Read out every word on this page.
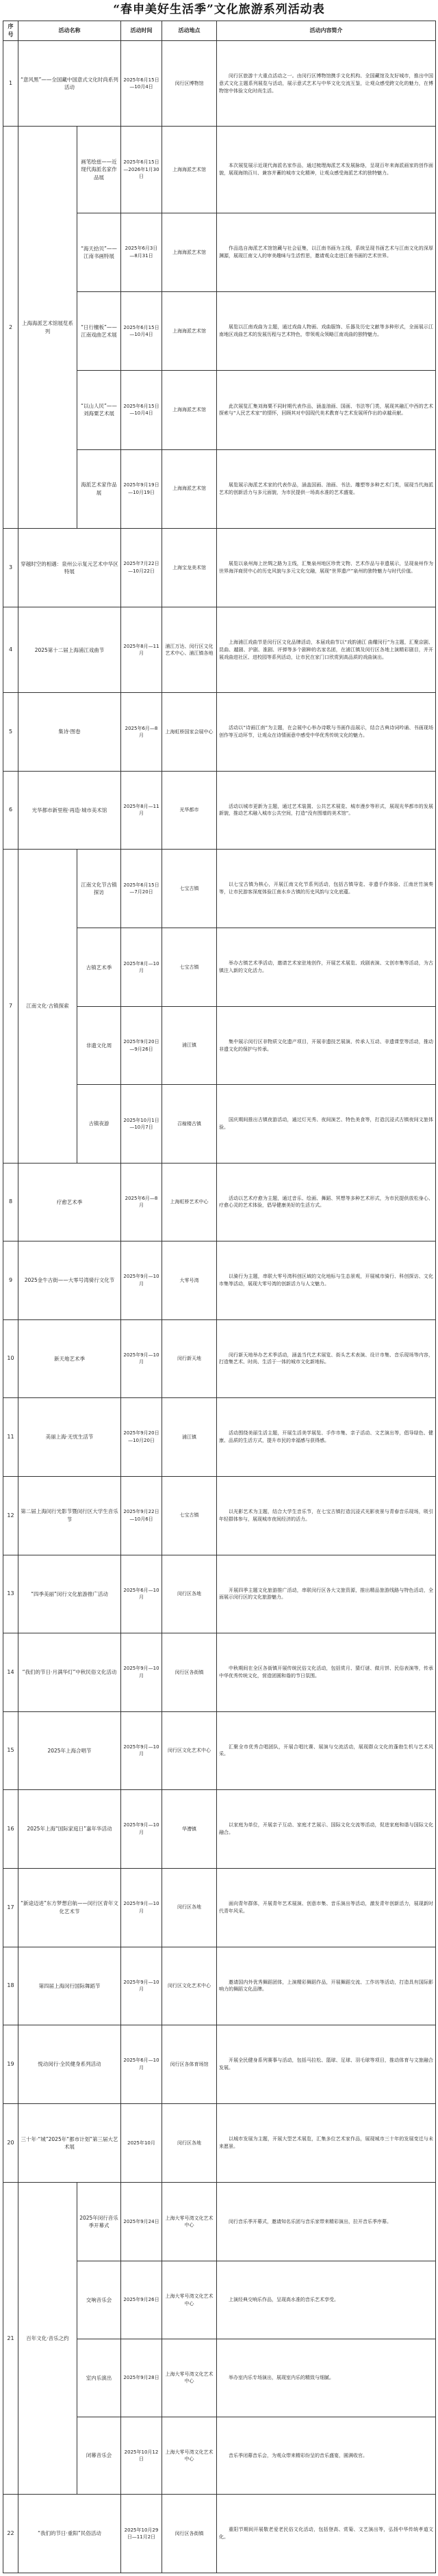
“春申美好生活季”文化旅游系列活动表
序号	活动名称		活动时间	活动地点	活动内容简介
1	“意风黑”——全国藏中国意式文化时尚系列活动		2025年6月15日—10月4日	闵行区博物馆	闵行区旅游十大重点活动之一。由闵行区博物馆携手文化机构、全国藏馆及友好城市，推出中国意式文化主题系列展览与活动，展示意式艺术与中华文化交流互鉴，让观众感受跨文化的魅力，在博物馆中体验文化时尚生活。
2	上海海派艺术馆展览系列	画笔绘兹——近现代海派名家作品展	2025年6月15日—2026年1月30日	上海海派艺术馆	本次展览展示近现代海派名家作品，通过梳理海派艺术发展脉络，呈现百年来海派画家的创作面貌，展现海纳百川、兼容并蓄的城市文化精神，让观众感受海派艺术的独特魅力。
		“海天拾贝”——江南书画特展	2025年6月3日—8月31日	上海海派艺术馆	作品选自海派艺术馆馆藏与社会征集，以江南书画为主线，系统呈现书画艺术与江南文化的深厚渊源，展现江南文人的审美趣味与生活哲思，邀请观众走进江南书画的艺术世界。
		“日行檀板”——江南戏曲艺术展	2025年6月15日—10月4日	上海海派艺术馆	展览以江南戏曲为主题，通过戏曲人物画、戏曲服饰、乐器及历史文献等多种形式，全面展示江南地区戏曲艺术的发展历程与艺术特色，带领观众领略江南戏曲的独特魅力。
		“以山人民”——刘海粟艺术展	2025年6月15日—10月4日	上海海派艺术馆	此次展览汇集刘海粟不同时期代表作品，涵盖油画、国画、书法等门类，展现其融汇中西的艺术探索与“人民艺术家”的情怀，回顾其对中国现代美术教育与艺术发展所作出的卓越贡献。
		海派艺术家作品展	2025年9月19日—10月19日	上海海派艺术馆	展览展示海派艺术家的代表作品，涵盖国画、油画、书法、雕塑等多种艺术门类，展现当代海派艺术的创新活力与多元面貌，为市民提供一场高水准的艺术盛宴。
3	穿越时空的相遇：泉州公示复元艺术中华区特展		2025年7月22日—10月22日	上海宝龙美术馆	展览以泉州海上丝绸之路为主线，汇集泉州地区珍贵文物、艺术作品与非遗展示，呈现泉州作为世界海洋商贸中心的历史风貌与多元文化交融，展现“世界遗产”泉州的独特魅力与时代价值。
4	2025第十二届上海浦江戏曲节		2025年8月—11月	浦江万达、闵行区文化艺术中心、浦江镇各地	上海浦江戏曲节是闵行区文化品牌活动，本届戏曲节以“戏韵浦江 曲耀闵行”为主题，汇聚京剧、昆曲、越剧、沪剧、淮剧、评弹等多个剧种的名家名团，在浦江镇及闵行区各地上演精彩剧目，并开展戏曲进社区、进校园等系列活动，让市民在家门口欣赏到高品质的戏曲演出。
5	集诗·图卷		2025年6月—8月	上海虹桥国家会展中心	活动以“诗画江南”为主题，在会展中心举办诗歌与书画作品展示，结合古典诗词吟诵、书画现场创作等互动环节，让观众在诗情画意中感受中华优秀传统文化的魅力。
6	光华都市新里程·再造·城市美术馆		2025年8月—11月	光华都市	活动以城市更新为主题，通过艺术装置、公共艺术展览、城市漫步等形式，展现光华都市的发展新貌，推动艺术融入城市公共空间，打造“没有围墙的美术馆”。
7	江南文化·古镇探索	江南文化节古镇探访	2025年6月15日—7月20日	七宝古镇	以七宝古镇为核心，开展江南文化节系列活动，包括古镇导览、非遗手作体验、江南丝竹演奏等，让市民游客深度体验江南水乡古镇的历史风韵与文化底蕴。
		古镇艺术季	2025年8月—10月	七宝古镇	举办古镇艺术季活动，邀请艺术家驻地创作，开展艺术展览、戏剧表演、文创市集等活动，为古镇注入新的文化活力。
		非遗文化周	2025年9月20日—9月26日	浦江镇	集中展示闵行区非物质文化遗产项目，开展非遗技艺展演、传承人互动、非遗课堂等活动，推动非遗文化的保护与传承。
		古镇夜游	2025年10月1日—10月7日	召稼楼古镇	国庆期间推出古镇夜游活动，通过灯光秀、夜间演艺、特色美食等，打造沉浸式古镇夜间文旅体验。
8	疗愈艺术季		2025年6月—8月	上海虹桥艺术中心	活动以艺术疗愈为主题，通过音乐、绘画、舞蹈、冥想等多种艺术形式，为市民提供放松身心、疗愈心灵的艺术体验，倡导健康美好的生活方式。
9	2025金牛古街——大零号湾骑行文化节		2025年9月—10月	大零号湾	以骑行为主题，串联大零号湾科创区域的文化地标与生态景观，开展城市骑行、科创探访、文化市集等活动，展现大零号湾的创新活力与人文魅力。
10	新天地艺术季		2025年9月—10月	闵行新天地	闵行新天地举办艺术季活动，涵盖当代艺术展览、街头艺术表演、设计市集、音乐现场等内容，打造集艺术、时尚、生活于一体的城市文化新地标。
11	美丽上海·无忧生活节		2025年9月20日—10月20日	浦江镇	活动围绕美丽生活主题，开展生活美学展览、手作市集、亲子活动、文艺演出等，倡导绿色、健康、品质的生活方式，提升市民的幸福感与获得感。
12	第二届上海闵行光影节暨闵行区大学生音乐节		2025年9月22日—10月6日	七宝古镇	以光影艺术为主题，结合大学生音乐节，在七宝古镇打造沉浸式光影夜景与青春音乐现场，吸引年轻群体参与，展现城市夜间经济的活力。
13	“四季美丽”闵行文化旅游推广活动		2025年6月—10月	闵行区各地	开展四季主题文化旅游推广活动，串联闵行区各大文旅资源，推出精品旅游线路与特色活动，全面展示闵行区的文化旅游魅力。
14	“我们的节日·月满华灯”中秋民俗文化活动		2025年9月—10月	闵行区各街镇	中秋期间在全区各街镇开展传统民俗文化活动，包括赏月、猜灯谜、做月饼、民俗表演等，传承中华优秀传统文化，营造团圆和谐的节日氛围。
15	2025年上海合唱节		2025年9月—10月	闵行区文化艺术中心	汇聚全市优秀合唱团队，开展合唱比赛、展演与交流活动，展现群众文化的蓬勃生机与艺术风采。
16	2025年上海“国际家庭日”嘉年华活动		2025年9月—10月	华漕镇	以家庭为单位，开展亲子互动、家庭才艺展示、国际文化交流等活动，促进家庭和谐与国际文化融合。
17	“新途迈进”东方梦想启航——闵行区青年文化艺术节		2025年9月—10月	闵行区各地	面向青年群体，开展青年艺术展演、创意市集、音乐演出等活动，激发青年创新活力，展现新时代青年风采。
18	第四届上海闵行国际舞蹈节		2025年9月—10月	闵行区文化艺术中心	邀请国内外优秀舞蹈团体，上演精彩舞蹈作品，开展舞蹈交流、工作坊等活动，打造具有国际影响力的舞蹈文化品牌。
19	悦动闵行·全民健身系列活动		2025年6月—10月	闵行区各体育场馆	开展全民健身系列赛事与活动，包括马拉松、篮球、足球、羽毛球等项目，推动体育与文旅融合发展。
20	三十年·“城”2025年“都市计划”第三届大艺术展		2025年10月	闵行区各地	以城市发展为主题，开展大型艺术展览，汇集多位艺术家作品，展现城市三十年的发展变迁与未来愿景。
21	百年文化·音乐之约	2025年闵行音乐季开幕式	2025年9月24日	上海大零号湾文化艺术中心	闵行音乐季开幕式，邀请知名乐团与音乐家带来精彩演出，拉开音乐季序幕。
		交响音乐会	2025年9月26日	上海大零号湾文化艺术中心	上演经典交响乐作品，呈现高水准的音乐艺术享受。
		室内乐演出	2025年9月28日	上海大零号湾文化艺术中心	举办室内乐专场演出，展现室内乐的精致与细腻。
		闭幕音乐会	2025年10月12日	上海大零号湾文化艺术中心	音乐季闭幕音乐会，为观众带来精彩纷呈的音乐盛宴，圆满收官。
22	“我们的节日·重阳”民俗活动		2025年10月29日—11月2日	闵行区各街镇	重阳节期间开展敬老爱老民俗文化活动，包括登高、赏菊、文艺演出等，弘扬中华传统孝道文化。
